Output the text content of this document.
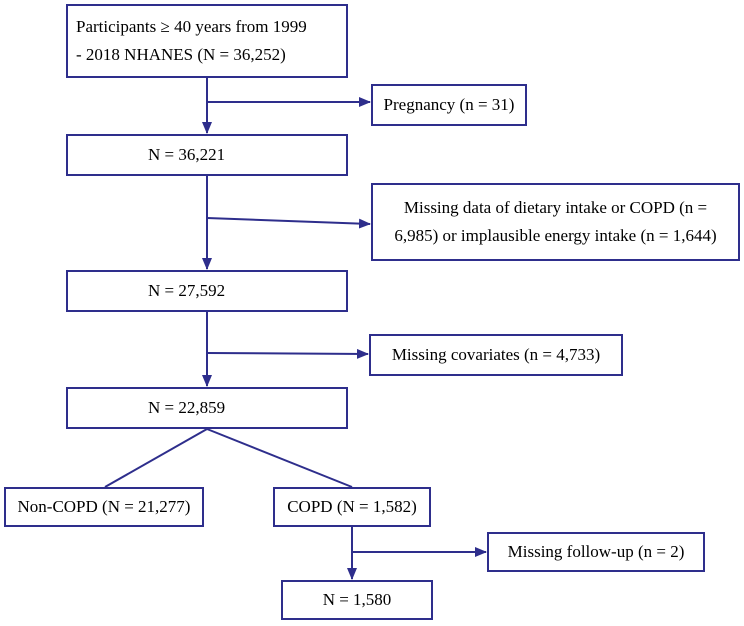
Participants ≥ 40 years from 1999
- 2018 NHANES (N = 36,252)
Pregnancy (n = 31)
N = 36,221
Missing data of dietary intake or COPD (n =
6,985) or implausible energy intake (n = 1,644)
N = 27,592
Missing covariates (n = 4,733)
N = 22,859
Non-COPD (N = 21,277)	COPD (N = 1,582)
Missing follow-up (n = 2)
N = 1,580
